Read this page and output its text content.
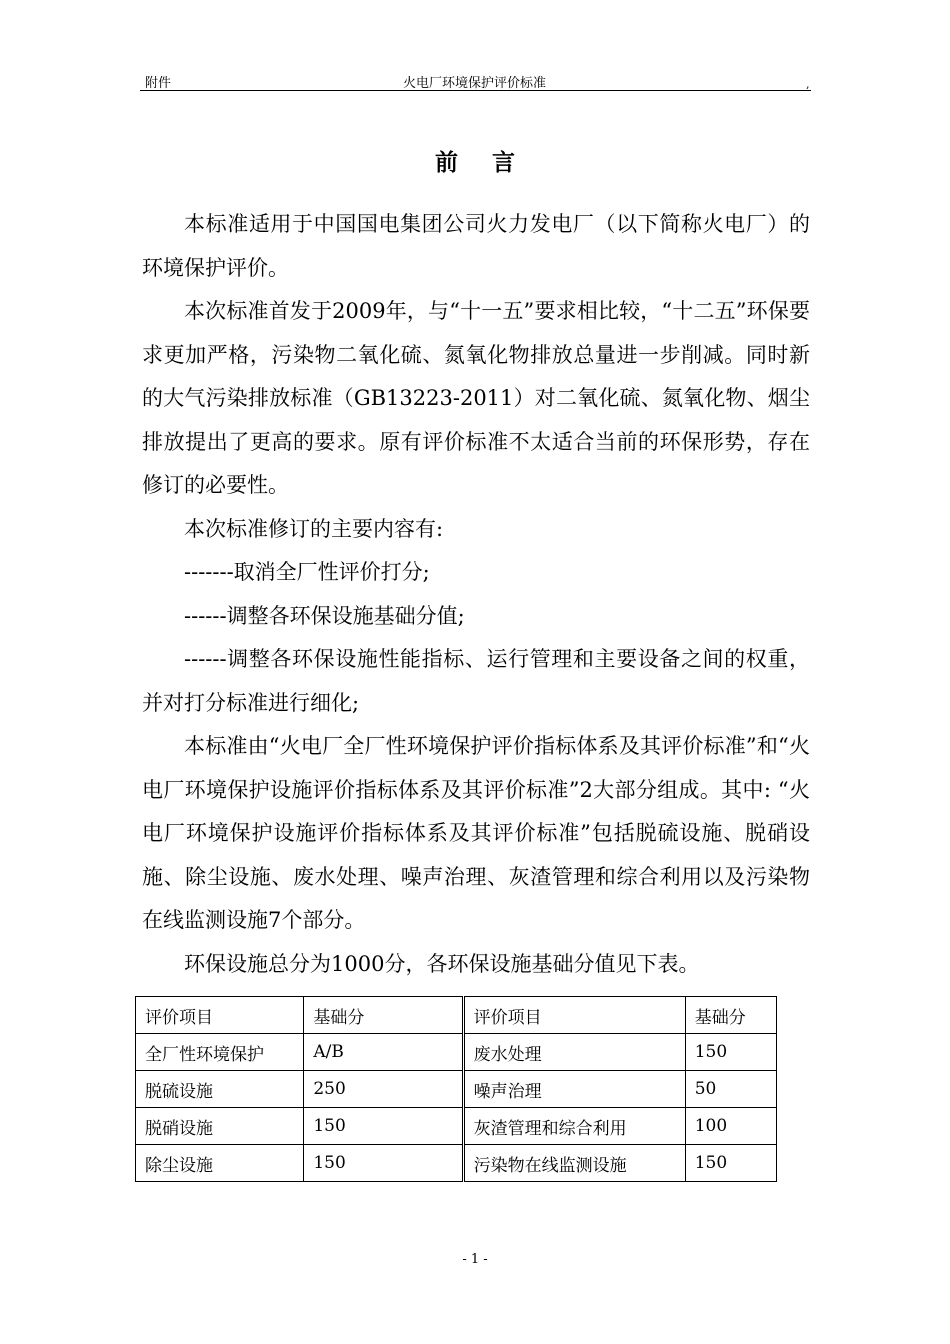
附件	火电厂环境保护评价标准	,
前言

本标准适用于中国国电集团公司火力发电厂（以下简称火电厂）的环境保护评价。

本次标准首发于2009年，与“十一五”要求相比较，“十二五”环保要求更加严格，污染物二氧化硫、氮氧化物排放总量进一步削减。同时新的大气污染排放标准（GB13223-2011）对二氧化硫、氮氧化物、烟尘排放提出了更高的要求。原有评价标准不太适合当前的环保形势，存在修订的必要性。

本次标准修订的主要内容有:

-------取消全厂性评价打分;

------调整各环保设施基础分值;

------调整各环保设施性能指标、运行管理和主要设备之间的权重，并对打分标准进行细化;

本标准由“火电厂全厂性环境保护评价指标体系及其评价标准”和“火电厂环境保护设施评价指标体系及其评价标准”2大部分组成。其中: “火电厂环境保护设施评价指标体系及其评价标准”包括脱硫设施、脱硝设施、除尘设施、废水处理、噪声治理、灰渣管理和综合利用以及污染物在线监测设施7个部分。

环保设施总分为1000分，各环保设施基础分值见下表。

评价项目	基础分	评价项目	基础分
全厂性环境保护	A/B	废水处理	150
脱硫设施	250	噪声治理	50
脱硝设施	150	灰渣管理和综合利用	100
除尘设施	150	污染物在线监测设施	150
- 1 -
